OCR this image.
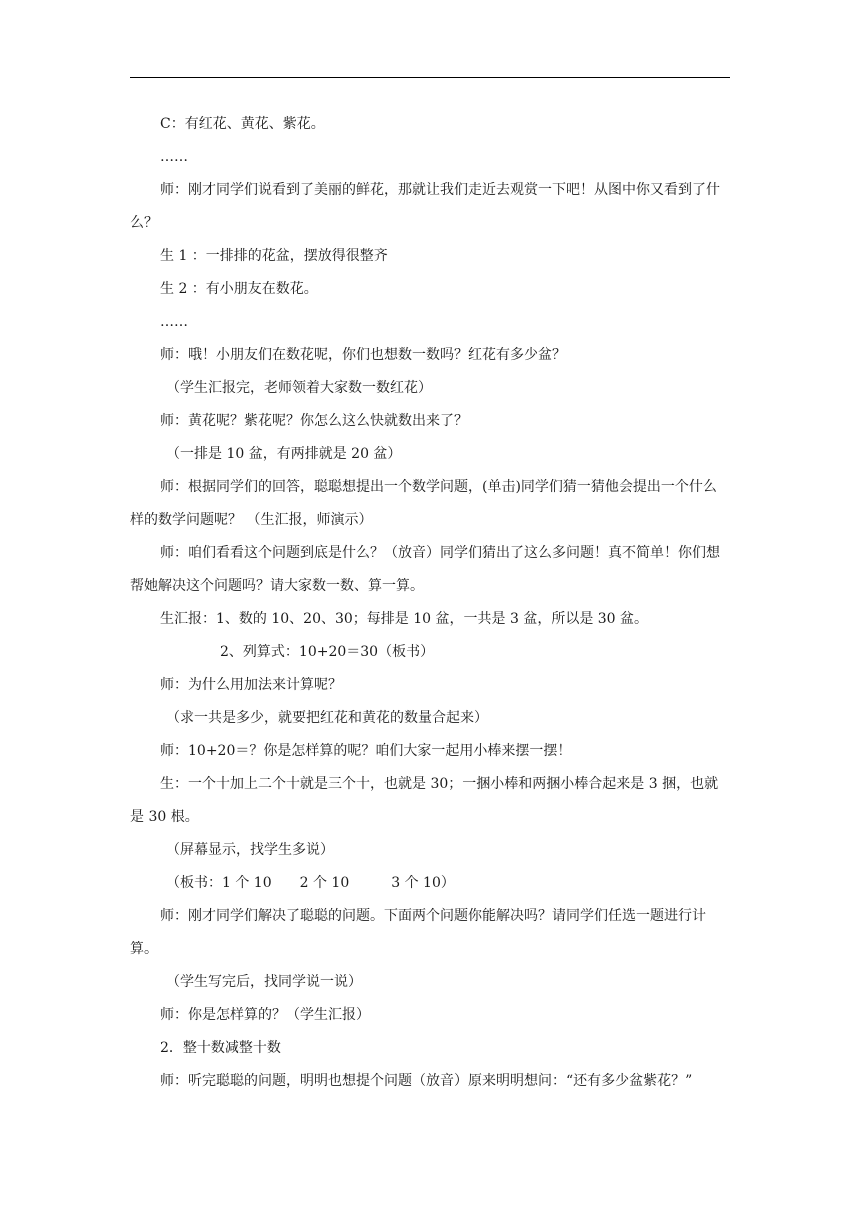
C：有红花、黄花、紫花。

……

师：刚才同学们说看到了美丽的鲜花，那就让我们走近去观赏一下吧！从图中你又看到了什么？

生 1 ：一排排的花盆，摆放得很整齐

生 2 ：有小朋友在数花。

……

师：哦！小朋友们在数花呢，你们也想数一数吗？红花有多少盆？

（学生汇报完，老师领着大家数一数红花）

师：黄花呢？紫花呢？你怎么这么快就数出来了？

（一排是 10 盆，有两排就是 20 盆）

师：根据同学们的回答，聪聪想提出一个数学问题，(单击)同学们猜一猜他会提出一个什么样的数学问题呢？ （生汇报，师演示）

师：咱们看看这个问题到底是什么？（放音）同学们猜出了这么多问题！真不简单！你们想帮她解决这个问题吗？请大家数一数、算一算。

生汇报：1、数的 10、20、30；每排是 10 盆，一共是 3 盆，所以是 30 盆。

2、列算式：10+20＝30（板书）

师：为什么用加法来计算呢？

（求一共是多少，就要把红花和黄花的数量合起来）

师：10+20＝？你是怎样算的呢？咱们大家一起用小棒来摆一摆！

生：一个十加上二个十就是三个十，也就是 30；一捆小棒和两捆小棒合起来是 3 捆，也就是 30 根。

（屏幕显示，找学生多说）

（板书：1 个 10　　2 个 10　　　3 个 10）

师：刚才同学们解决了聪聪的问题。下面两个问题你能解决吗？请同学们任选一题进行计算。

（学生写完后，找同学说一说）

师：你是怎样算的？（学生汇报）

2．整十数减整十数

师：听完聪聪的问题，明明也想提个问题（放音）原来明明想问：“还有多少盆紫花？”
